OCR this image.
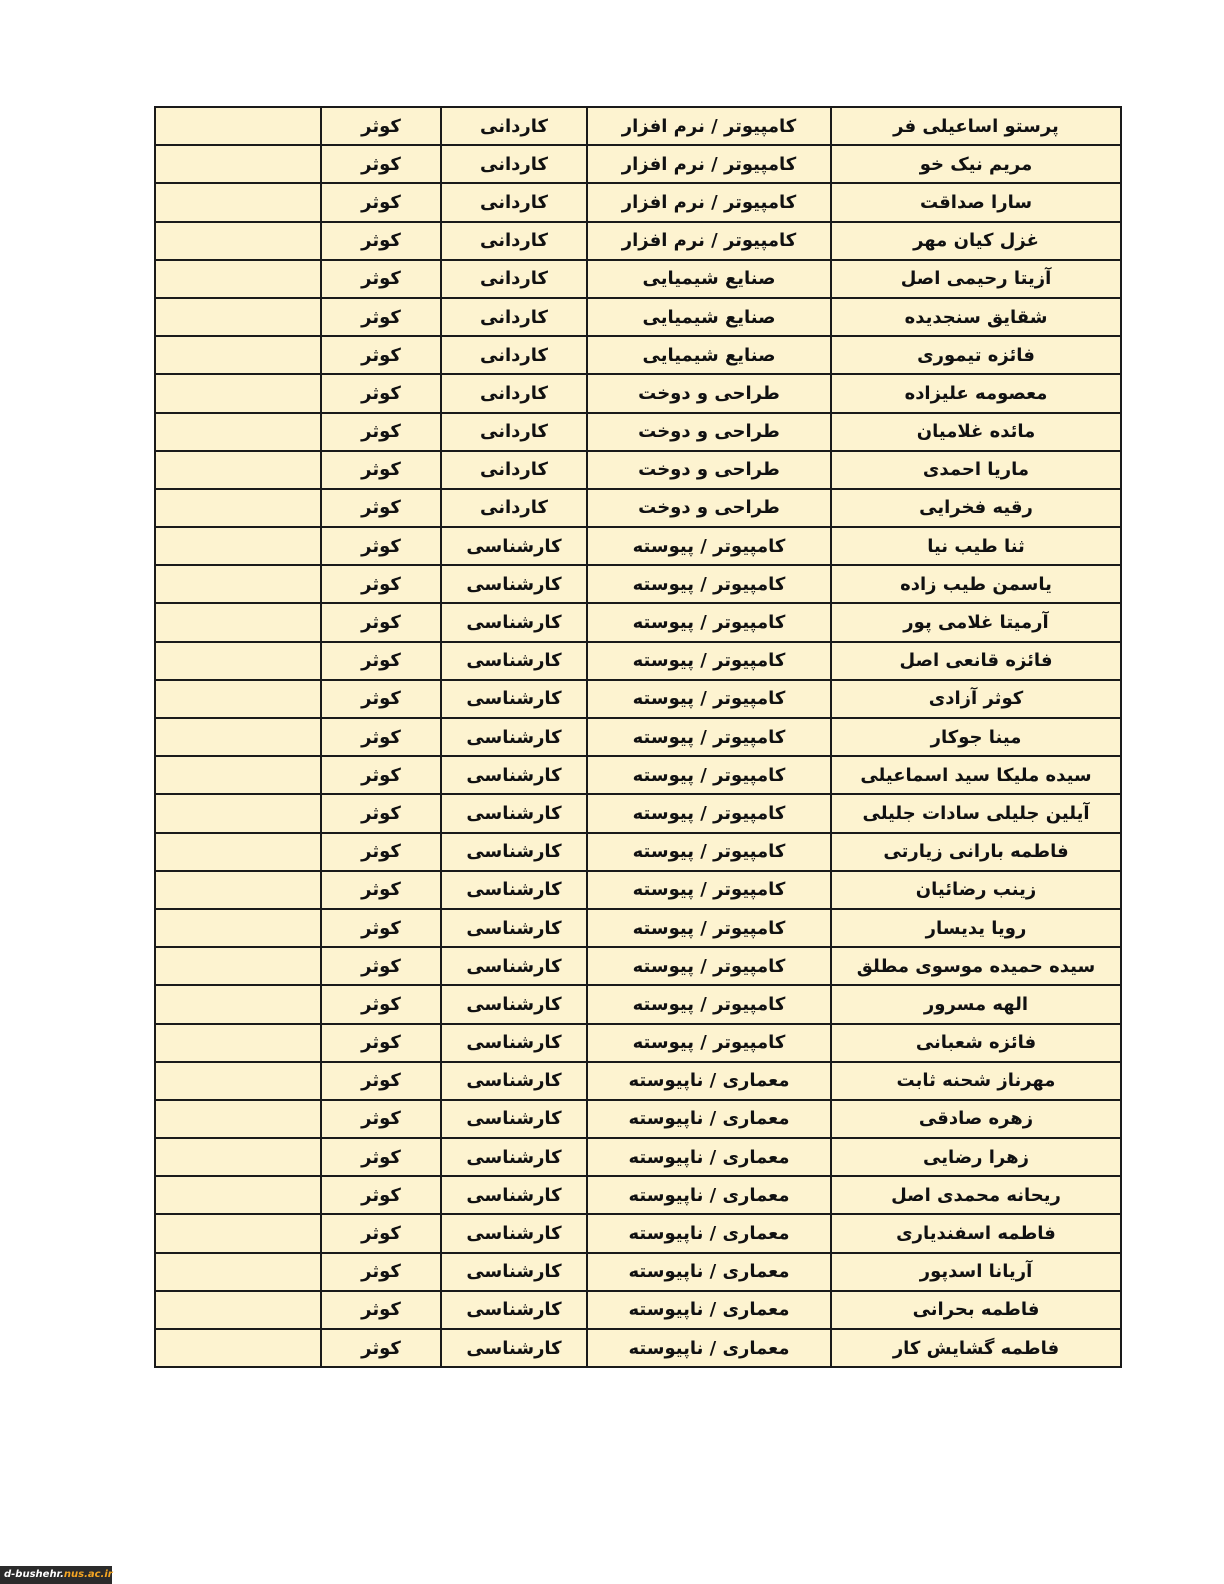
پرستو اساعیلی فر	کامپیوتر / نرم افزار	کاردانی	کوثر	
مریم نیک خو	کامپیوتر / نرم افزار	کاردانی	کوثر	
سارا صداقت	کامپیوتر / نرم افزار	کاردانی	کوثر	
غزل کیان مهر	کامپیوتر / نرم افزار	کاردانی	کوثر	
آزیتا رحیمی اصل	صنایع شیمیایی	کاردانی	کوثر	
شقایق سنجدیده	صنایع شیمیایی	کاردانی	کوثر	
فائزه تیموری	صنایع شیمیایی	کاردانی	کوثر	
معصومه علیزاده	طراحی و دوخت	کاردانی	کوثر	
مائده غلامیان	طراحی و دوخت	کاردانی	کوثر	
ماریا احمدی	طراحی و دوخت	کاردانی	کوثر	
رقیه فخرایی	طراحی و دوخت	کاردانی	کوثر	
ثنا طیب نیا	کامپیوتر / پیوسته	کارشناسی	کوثر	
یاسمن طیب زاده	کامپیوتر / پیوسته	کارشناسی	کوثر	
آرمیتا غلامی پور	کامپیوتر / پیوسته	کارشناسی	کوثر	
فائزه قانعی اصل	کامپیوتر / پیوسته	کارشناسی	کوثر	
کوثر آزادی	کامپیوتر / پیوسته	کارشناسی	کوثر	
مینا جوکار	کامپیوتر / پیوسته	کارشناسی	کوثر	
سیده ملیکا سید اسماعیلی	کامپیوتر / پیوسته	کارشناسی	کوثر	
آیلین جلیلی سادات جلیلی	کامپیوتر / پیوسته	کارشناسی	کوثر	
فاطمه بارانی زیارتی	کامپیوتر / پیوسته	کارشناسی	کوثر	
زینب رضائیان	کامپیوتر / پیوسته	کارشناسی	کوثر	
رویا یدیسار	کامپیوتر / پیوسته	کارشناسی	کوثر	
سیده حمیده موسوی مطلق	کامپیوتر / پیوسته	کارشناسی	کوثر	
الهه مسرور	کامپیوتر / پیوسته	کارشناسی	کوثر	
فائزه شعبانی	کامپیوتر / پیوسته	کارشناسی	کوثر	
مهرناز شحنه ثابت	معماری / ناپیوسته	کارشناسی	کوثر	
زهره صادقی	معماری / ناپیوسته	کارشناسی	کوثر	
زهرا رضایی	معماری / ناپیوسته	کارشناسی	کوثر	
ریحانه محمدی اصل	معماری / ناپیوسته	کارشناسی	کوثر	
فاطمه اسفندیاری	معماری / ناپیوسته	کارشناسی	کوثر	
آریانا اسدپور	معماری / ناپیوسته	کارشناسی	کوثر	
فاطمه بحرانی	معماری / ناپیوسته	کارشناسی	کوثر	
فاطمه گشایش کار	معماری / ناپیوسته	کارشناسی	کوثر	
d-bushehr.nus.ac.ir
